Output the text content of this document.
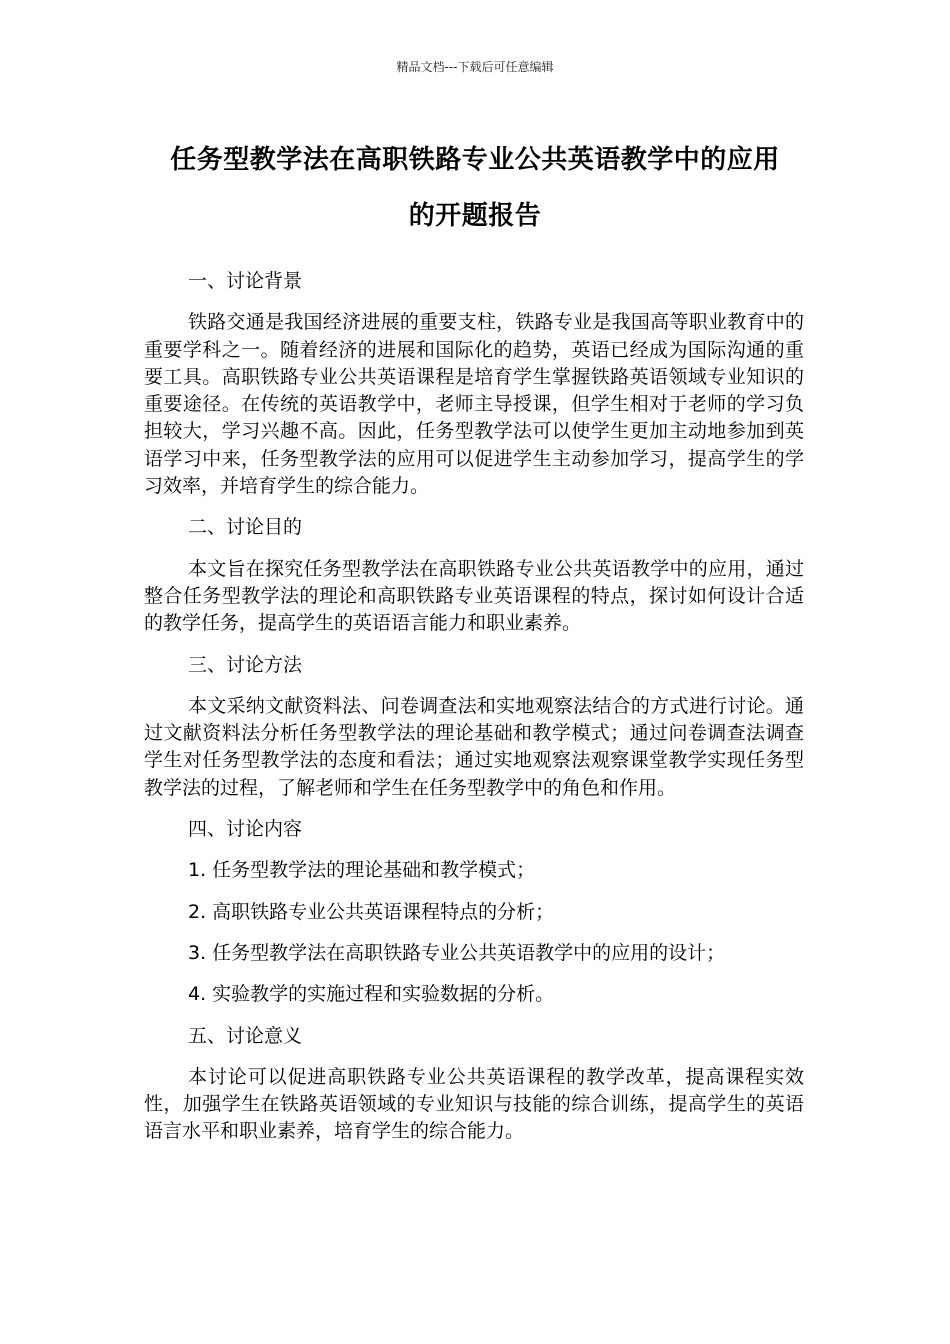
精品文档---下载后可任意编辑
任务型教学法在高职铁路专业公共英语教学中的应用
的开题报告
一、讨论背景
铁路交通是我国经济进展的重要支柱，铁路专业是我国高等职业教育中的重要学科之一。随着经济的进展和国际化的趋势，英语已经成为国际沟通的重要工具。高职铁路专业公共英语课程是培育学生掌握铁路英语领域专业知识的重要途径。在传统的英语教学中，老师主导授课，但学生相对于老师的学习负担较大，学习兴趣不高。因此，任务型教学法可以使学生更加主动地参加到英语学习中来，任务型教学法的应用可以促进学生主动参加学习，提高学生的学习效率，并培育学生的综合能力。
二、讨论目的
本文旨在探究任务型教学法在高职铁路专业公共英语教学中的应用，通过整合任务型教学法的理论和高职铁路专业英语课程的特点，探讨如何设计合适的教学任务，提高学生的英语语言能力和职业素养。
三、讨论方法
本文采纳文献资料法、问卷调查法和实地观察法结合的方式进行讨论。通过文献资料法分析任务型教学法的理论基础和教学模式；通过问卷调查法调查学生对任务型教学法的态度和看法；通过实地观察法观察课堂教学实现任务型教学法的过程，了解老师和学生在任务型教学中的角色和作用。
四、讨论内容
1. 任务型教学法的理论基础和教学模式；
2. 高职铁路专业公共英语课程特点的分析；
3. 任务型教学法在高职铁路专业公共英语教学中的应用的设计；
4. 实验教学的实施过程和实验数据的分析。
五、讨论意义
本讨论可以促进高职铁路专业公共英语课程的教学改革，提高课程实效性，加强学生在铁路英语领域的专业知识与技能的综合训练，提高学生的英语语言水平和职业素养，培育学生的综合能力。
